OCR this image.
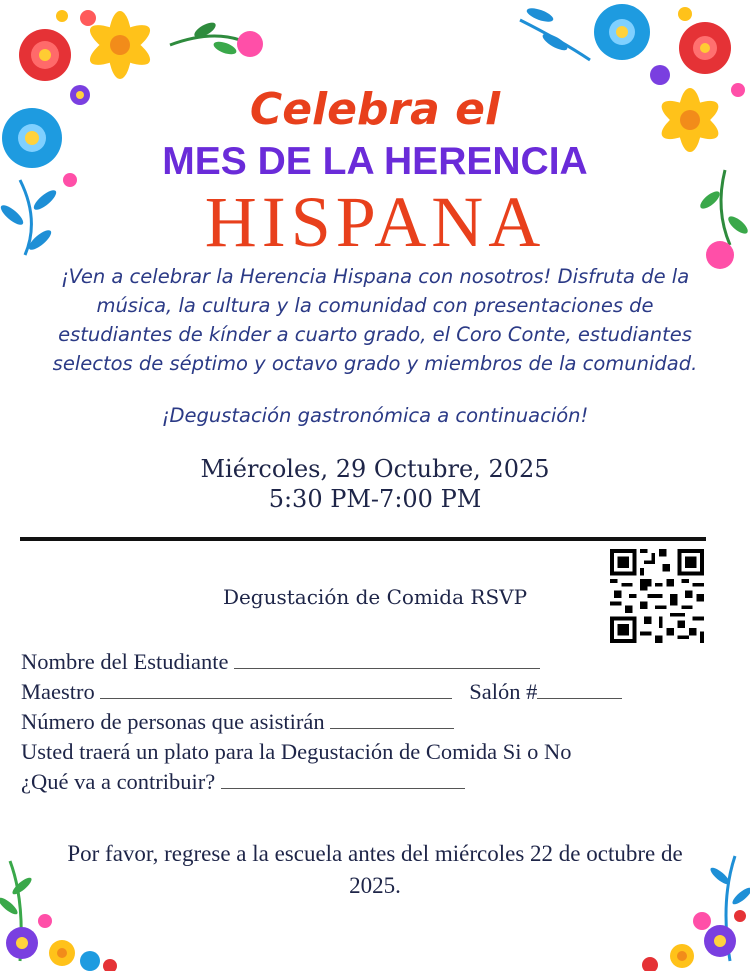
Celebra el
MES DE LA HERENCIA
HISPANA
¡Ven a celebrar la Herencia Hispana con nosotros! Disfruta de la música, la cultura y la comunidad con presentaciones de estudiantes de kínder a cuarto grado, el Coro Conte, estudiantes selectos de séptimo y octavo grado y miembros de la comunidad.
¡Degustación gastronómica a continuación!
Miércoles, 29 Octubre, 2025
5:30 PM-7:00 PM
Degustación de Comida RSVP
Nombre del Estudiante
Maestro	Salón #
Número de personas que asistirán
Usted traerá un plato para la Degustación de Comida Si o No
¿Qué va a contribuir?
Por favor, regrese a la escuela antes del miércoles 22 de octubre de 2025.
